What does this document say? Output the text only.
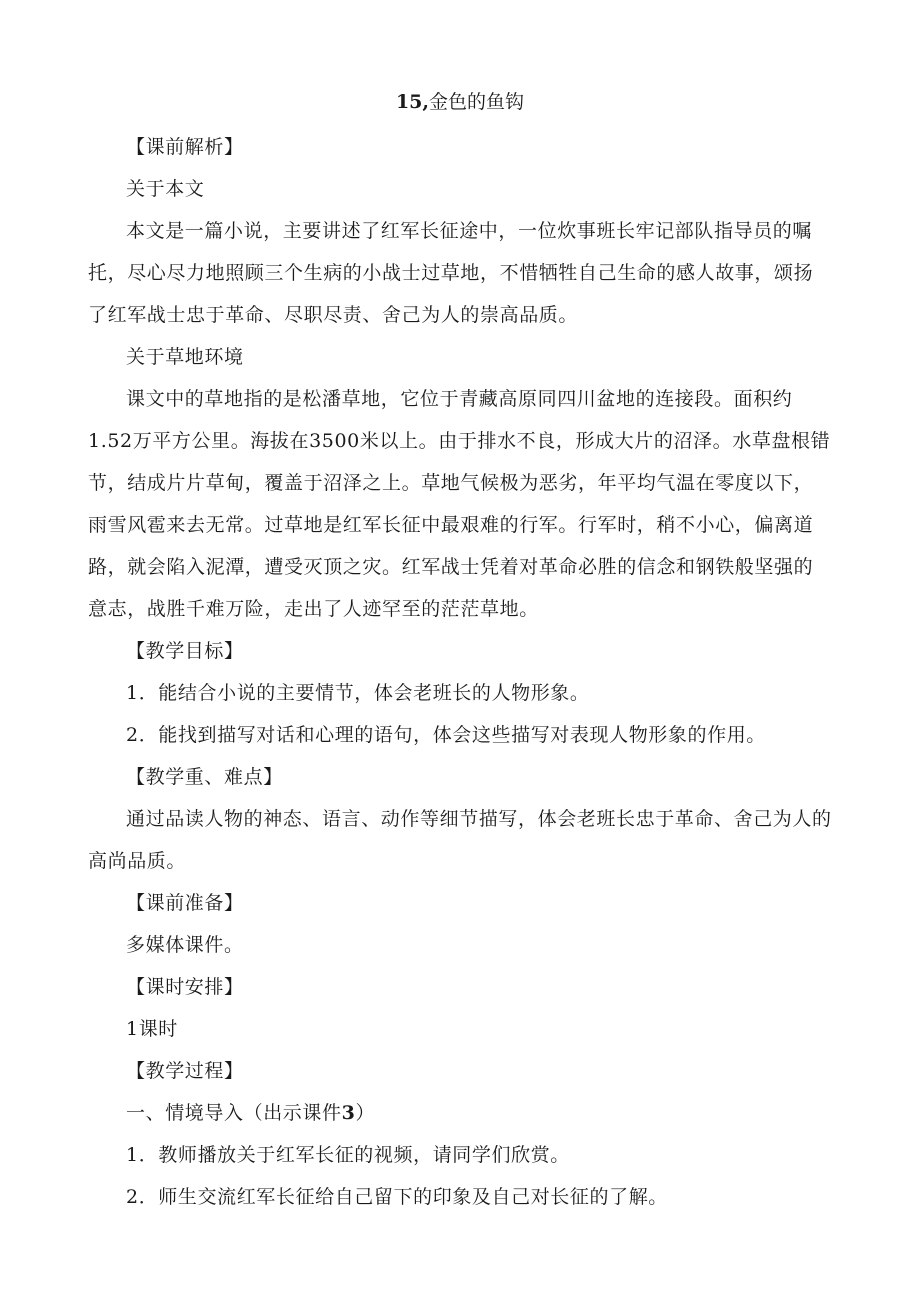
15,金色的鱼钩

【课前解析】

关于本文

本文是一篇小说，主要讲述了红军长征途中，一位炊事班长牢记部队指导员的嘱托，尽心尽力地照顾三个生病的小战士过草地，不惜牺牲自己生命的感人故事，颂扬了红军战士忠于革命、尽职尽责、舍己为人的崇高品质。

关于草地环境

课文中的草地指的是松潘草地，它位于青藏高原同四川盆地的连接段。面积约1.52万平方公里。海拔在3500米以上。由于排水不良，形成大片的沼泽。水草盘根错节，结成片片草甸，覆盖于沼泽之上。草地气候极为恶劣，年平均气温在零度以下，雨雪风雹来去无常。过草地是红军长征中最艰难的行军。行军时，稍不小心，偏离道路，就会陷入泥潭，遭受灭顶之灾。红军战士凭着对革命必胜的信念和钢铁般坚强的意志，战胜千难万险，走出了人迹罕至的茫茫草地。

【教学目标】

1．能结合小说的主要情节，体会老班长的人物形象。

2．能找到描写对话和心理的语句，体会这些描写对表现人物形象的作用。

【教学重、难点】

通过品读人物的神态、语言、动作等细节描写，体会老班长忠于革命、舍己为人的高尚品质。

【课前准备】

多媒体课件。

【课时安排】

1课时

【教学过程】

一、情境导入（出示课件3）

1．教师播放关于红军长征的视频，请同学们欣赏。

2．师生交流红军长征给自己留下的印象及自己对长征的了解。
